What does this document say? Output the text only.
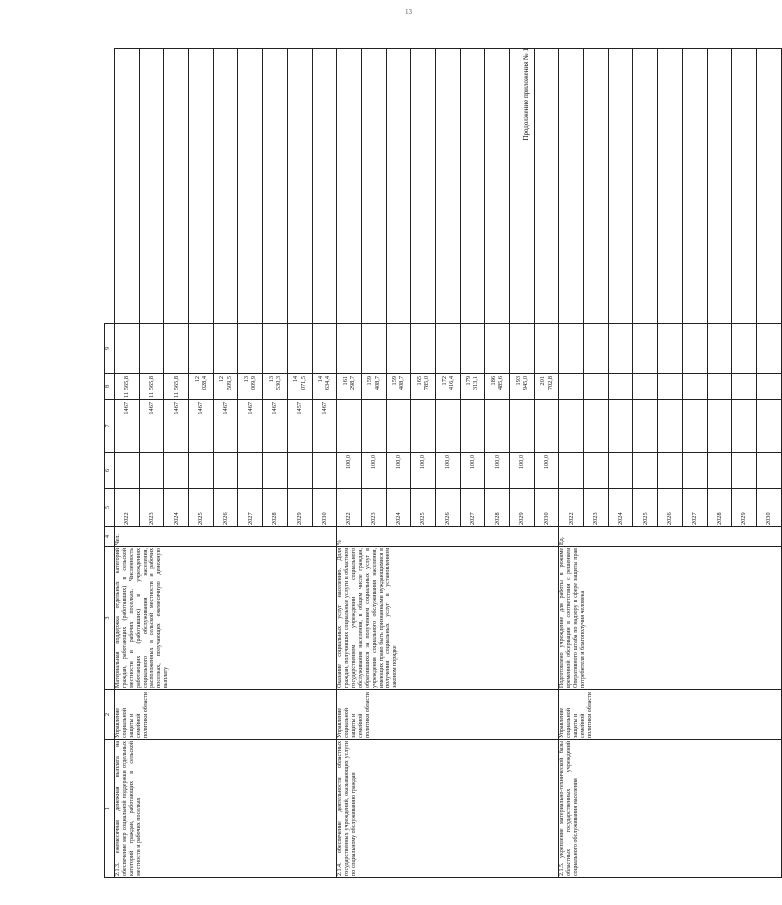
13
1	2	3	4	5	6	7	8	9	
2.1.3. ежемесячная денежная выплата на обеспечение мер социальной поддержки отдельных категорий граждан, работающих в сельской местности и рабочих поселках	Управление социальной защиты и семейной политики области	Материальная поддержка отдельных категорий граждан, работающих (работавших) в сельской местности и рабочих поселках. Численность работающих (работавших) в учреждениях социального обслуживания населения, расположенных в сельской местности и рабочих поселках, получающих ежемесячную денежную выплату	Чел.	2022		1467	11 565,8		
				2023		1467	11 565,8		
				2024		1467	11 565,8		
				2025		1467	12 028,4		
				2026		1467	12 509,5		
				2027		1467	13 009,9		
				2028		1467	13 530,3		
				2029		1457	14 071,5		
				2030		1467	14 634,4		
2.1.4. обеспечение деятельности областных государственных учреждений, оказывающих услуги по социальному обслуживанию граждан	Управление социальной защиты и семейной политики области	Оказание социальных услуг населению. Доля граждан, получивших социальные услуги в областном государственном учреждении социального обслуживания населения, в общем числе граждан, обратившихся за получением социальных услуг в учреждения социального обслуживания населения, имеющих право быть признанными нуждающимися в получении социальных услуг в установленном законом порядке	%	2022	100,0		161 298,7		
				2023	100,0		159 408,7		
				2024	100,0		159 408,7		
				2025	100,0		165 785,0		
				2026	100,0		172 416,4		
				2027	100,0		179 313,1		
				2028	100,0		186 485,6		
				2029	100,0		193 945,0		
				2030	100,0		201 702,8		
2.1.5. укрепление материально-технической базы областных государственных учреждений социального обслуживания населения	Управление социальной защиты и семейной политики области	Подготовлено учреждение для работы в режиме временной обсервации в соответствии с решением Оперативного штаба по надзору в сфере защиты прав потребителя и благополучия человека	Ед.	2022					
				2023					
				2024					
				2025					
				2026					
				2027					
				2028					
				2029					
				2030					
Продолжение приложения № 1
